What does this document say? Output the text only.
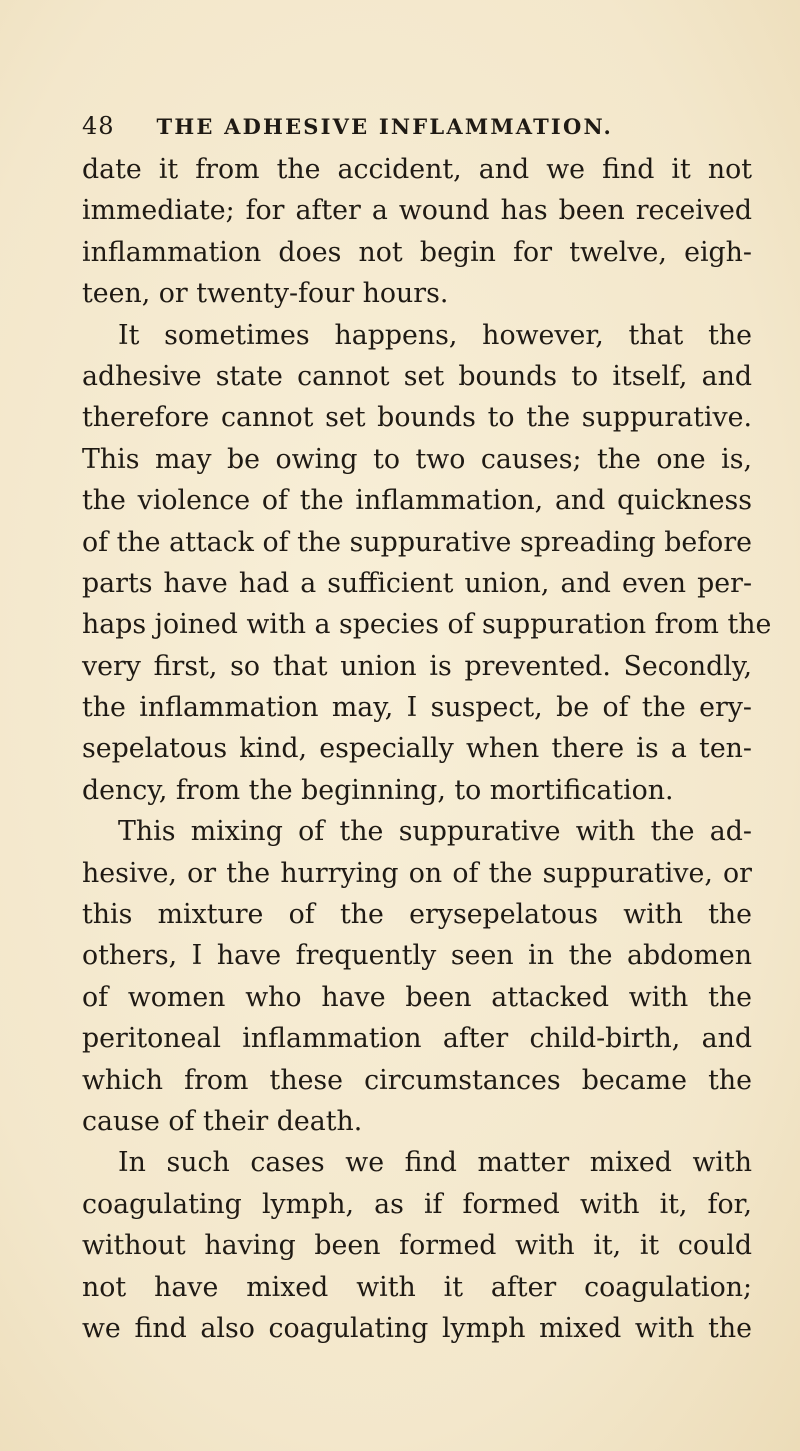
48 THE ADHESIVE INFLAMMATION.
date it from the accident, and we find it not
immediate; for after a wound has been received
inflammation does not begin for twelve, eigh-
teen, or twenty-four hours.
It sometimes happens, however, that the
adhesive state cannot set bounds to itself, and
therefore cannot set bounds to the suppurative.
This may be owing to two causes; the one is,
the violence of the inflammation, and quickness
of the attack of the suppurative spreading before
parts have had a sufficient union, and even per-
haps joined with a species of suppuration from the
very first, so that union is prevented. Secondly,
the inflammation may, I suspect, be of the ery-
sepelatous kind, especially when there is a ten-
dency, from the beginning, to mortification.
This mixing of the suppurative with the ad-
hesive, or the hurrying on of the suppurative, or
this mixture of the erysepelatous with the
others, I have frequently seen in the abdomen
of women who have been attacked with the
peritoneal inflammation after child-birth, and
which from these circumstances became the
cause of their death.
In such cases we find matter mixed with
coagulating lymph, as if formed with it, for,
without having been formed with it, it could
not have mixed with it after coagulation;
we find also coagulating lymph mixed with the
